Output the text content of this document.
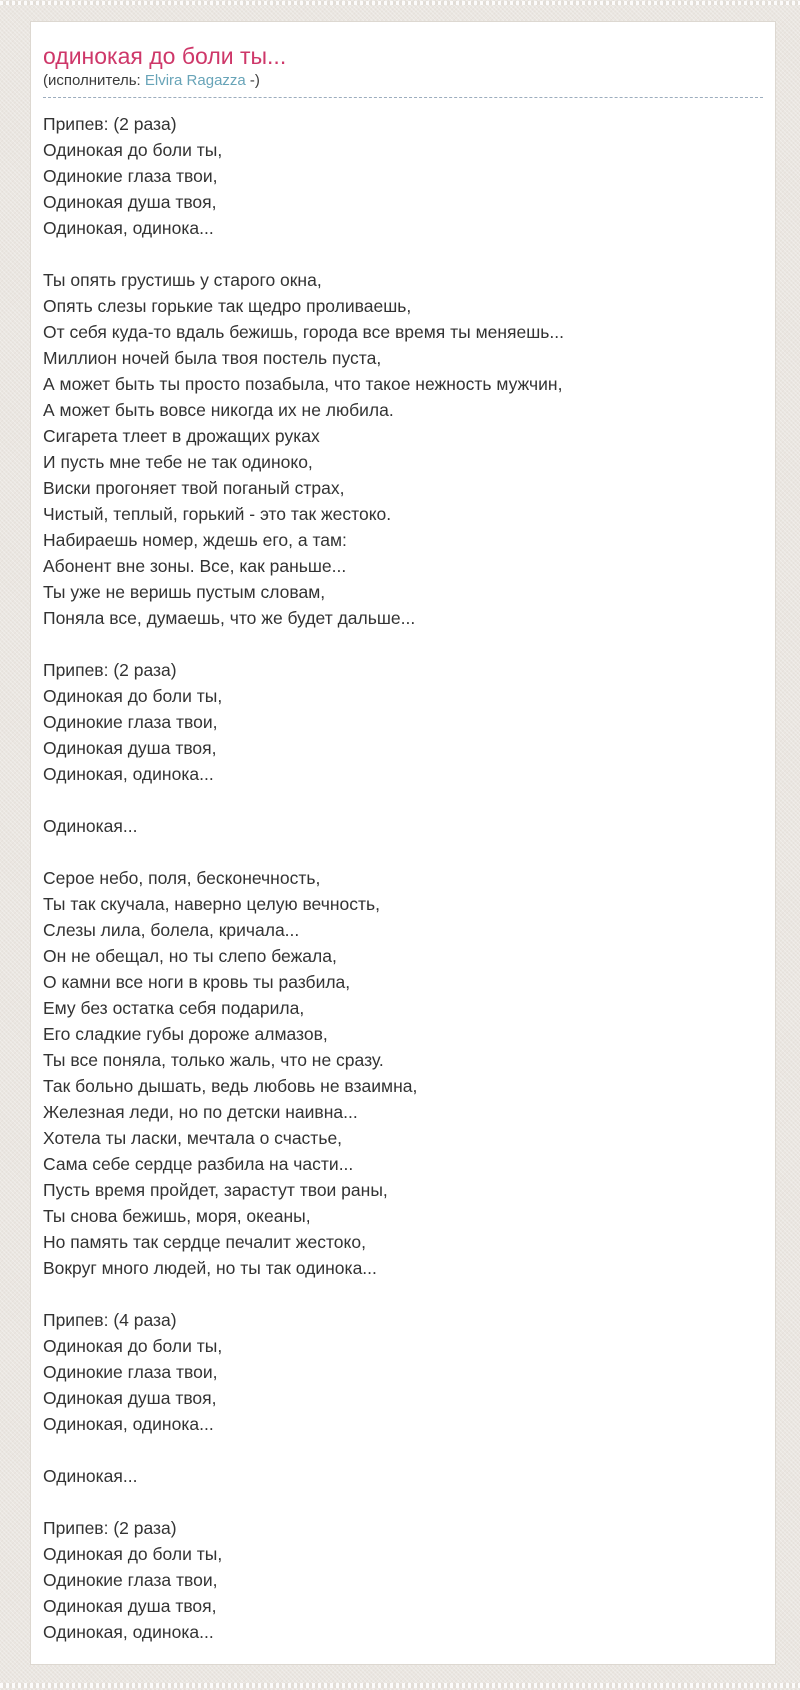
одинокая до боли ты...
(исполнитель: Elvira Ragazza -)
Припев: (2 раза)
Одинокая до боли ты,
Одинокие глаза твои,
Одинокая душа твоя,
Одинокая, одинока...

Ты опять грустишь у старого окна,
Опять слезы горькие так щедро проливаешь,
От себя куда-то вдаль бежишь, города все время ты меняешь...
Миллион ночей была твоя постель пуста,
А может быть ты просто позабыла, что такое нежность мужчин,
А может быть вовсе никогда их не любила.
Сигарета тлеет в дрожащих руках
И пусть мне тебе не так одиноко,
Виски прогоняет твой поганый страх,
Чистый, теплый, горький - это так жестоко.
Набираешь номер, ждешь его, а там:
Абонент вне зоны. Все, как раньше...
Ты уже не веришь пустым словам,
Поняла все, думаешь, что же будет дальше...

Припев: (2 раза)
Одинокая до боли ты,
Одинокие глаза твои,
Одинокая душа твоя,
Одинокая, одинока...

Одинокая...

Серое небо, поля, бесконечность,
Ты так скучала, наверно целую вечность,
Слезы лила, болела, кричала...
Он не обещал, но ты слепо бежала,
О камни все ноги в кровь ты разбила,
Ему без остатка себя подарила,
Его сладкие губы дороже алмазов,
Ты все поняла, только жаль, что не сразу.
Так больно дышать, ведь любовь не взаимна,
Железная леди, но по детски наивна...
Хотела ты ласки, мечтала о счастье,
Сама себе сердце разбила на части...
Пусть время пройдет, зарастут твои раны,
Ты снова бежишь, моря, океаны,
Но память так сердце печалит жестоко,
Вокруг много людей, но ты так одинока...

Припев: (4 раза)
Одинокая до боли ты,
Одинокие глаза твои,
Одинокая душа твоя,
Одинокая, одинока...

Одинокая...

Припев: (2 раза)
Одинокая до боли ты,
Одинокие глаза твои,
Одинокая душа твоя,
Одинокая, одинока...
